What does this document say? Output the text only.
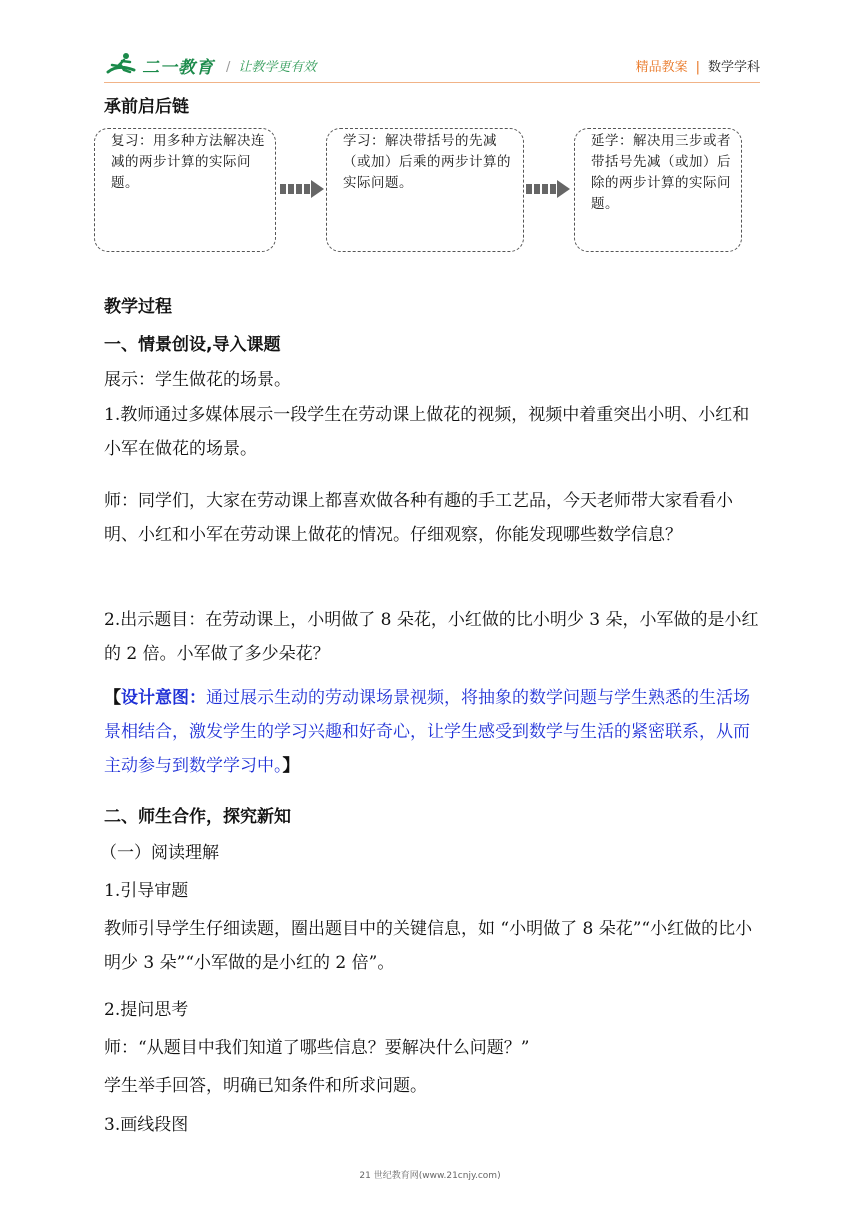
二一教育 / 让教学更有效	精品教案 | 数学学科
承前启后链
复习：用多种方法解决连减的两步计算的实际问题。
学习：解决带括号的先减（或加）后乘的两步计算的实际问题。
延学：解决用三步或者带括号先减（或加）后除的两步计算的实际问题。
教学过程
一、情景创设,导入课题
展示：学生做花的场景。
1.教师通过多媒体展示一段学生在劳动课上做花的视频，视频中着重突出小明、小红和小军在做花的场景。
师：同学们，大家在劳动课上都喜欢做各种有趣的手工艺品，今天老师带大家看看小明、小红和小军在劳动课上做花的情况。仔细观察，你能发现哪些数学信息？
2.出示题目：在劳动课上，小明做了 8 朵花，小红做的比小明少 3 朵，小军做的是小红的 2 倍。小军做了多少朵花？
【设计意图：通过展示生动的劳动课场景视频，将抽象的数学问题与学生熟悉的生活场景相结合，激发学生的学习兴趣和好奇心，让学生感受到数学与生活的紧密联系，从而主动参与到数学学习中。】
二、师生合作，探究新知
（一）阅读理解
1.引导审题
教师引导学生仔细读题，圈出题目中的关键信息，如 “小明做了 8 朵花”“小红做的比小明少 3 朵”“小军做的是小红的 2 倍”。
2.提问思考
师：“从题目中我们知道了哪些信息？要解决什么问题？”
学生举手回答，明确已知条件和所求问题。
3.画线段图
21 世纪教育网(www.21cnjy.com)
